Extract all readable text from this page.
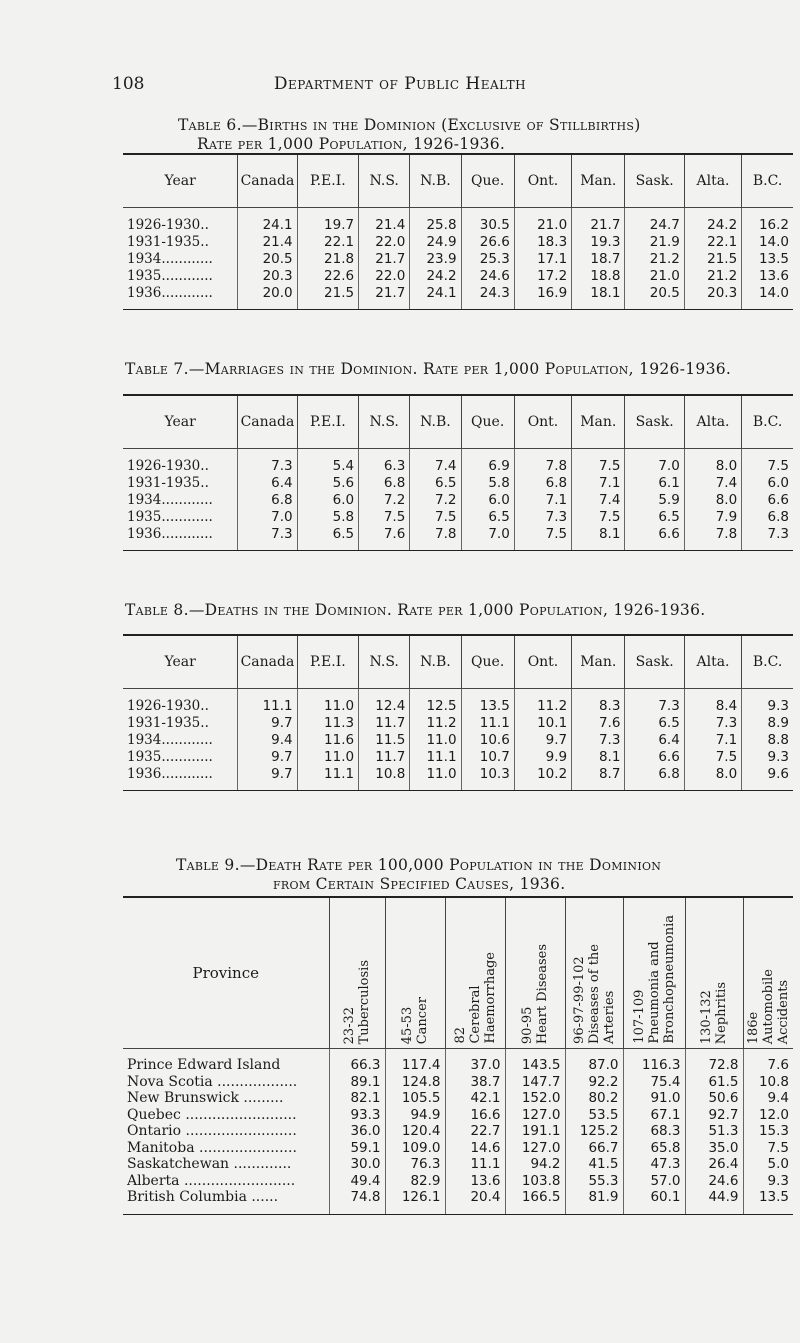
108	Department of Public Health
Table 6.—Births in the Dominion (Exclusive of Stillbirths)
Rate per 1,000 Population, 1926-1936.
Year	Canada	P.E.I.	N.S.	N.B.	Que.	Ont.	Man.	Sask.	Alta.	B.C.
1926-1930..	24.1	19.7	21.4	25.8	30.5	21.0	21.7	24.7	24.2	16.2
1931-1935..	21.4	22.1	22.0	24.9	26.6	18.3	19.3	21.9	22.1	14.0
1934............	20.5	21.8	21.7	23.9	25.3	17.1	18.7	21.2	21.5	13.5
1935............	20.3	22.6	22.0	24.2	24.6	17.2	18.8	21.0	21.2	13.6
1936............	20.0	21.5	21.7	24.1	24.3	16.9	18.1	20.5	20.3	14.0
Table 7.—Marriages in the Dominion. Rate per 1,000 Population, 1926-1936.
Year	Canada	P.E.I.	N.S.	N.B.	Que.	Ont.	Man.	Sask.	Alta.	B.C.
1926-1930..	7.3	5.4	6.3	7.4	6.9	7.8	7.5	7.0	8.0	7.5
1931-1935..	6.4	5.6	6.8	6.5	5.8	6.8	7.1	6.1	7.4	6.0
1934............	6.8	6.0	7.2	7.2	6.0	7.1	7.4	5.9	8.0	6.6
1935............	7.0	5.8	7.5	7.5	6.5	7.3	7.5	6.5	7.9	6.8
1936............	7.3	6.5	7.6	7.8	7.0	7.5	8.1	6.6	7.8	7.3
Table 8.—Deaths in the Dominion. Rate per 1,000 Population, 1926-1936.
Year	Canada	P.E.I.	N.S.	N.B.	Que.	Ont.	Man.	Sask.	Alta.	B.C.
1926-1930..	11.1	11.0	12.4	12.5	13.5	11.2	8.3	7.3	8.4	9.3
1931-1935..	9.7	11.3	11.7	11.2	11.1	10.1	7.6	6.5	7.3	8.9
1934............	9.4	11.6	11.5	11.0	10.6	9.7	7.3	6.4	7.1	8.8
1935............	9.7	11.0	11.7	11.1	10.7	9.9	8.1	6.6	7.5	9.3
1936............	9.7	11.1	10.8	11.0	10.3	10.2	8.7	6.8	8.0	9.6
Table 9.—Death Rate per 100,000 Population in the Dominion
from Certain Specified Causes, 1936.
Province	23-32 Tuberculosis	45-53 Cancer	82 Cerebral Haemorrhage	90-95 Heart Diseases	96-97-99-102 Diseases of the Arteries	107-109 Pneumonia and Bronchopneumonia	130-132 Nephritis	186e Automobile Accidents

Prince Edward Island	66.3	117.4	37.0	143.5	87.0	116.3	72.8	7.6
Nova Scotia ..................	89.1	124.8	38.7	147.7	92.2	75.4	61.5	10.8
New Brunswick .........	82.1	105.5	42.1	152.0	80.2	91.0	50.6	9.4
Quebec .........................	93.3	94.9	16.6	127.0	53.5	67.1	92.7	12.0
Ontario .........................	36.0	120.4	22.7	191.1	125.2	68.3	51.3	15.3
Manitoba ......................	59.1	109.0	14.6	127.0	66.7	65.8	35.0	7.5
Saskatchewan .............	30.0	76.3	11.1	94.2	41.5	47.3	26.4	5.0
Alberta .........................	49.4	82.9	13.6	103.8	55.3	57.0	24.6	9.3
British Columbia ......	74.8	126.1	20.4	166.5	81.9	60.1	44.9	13.5
